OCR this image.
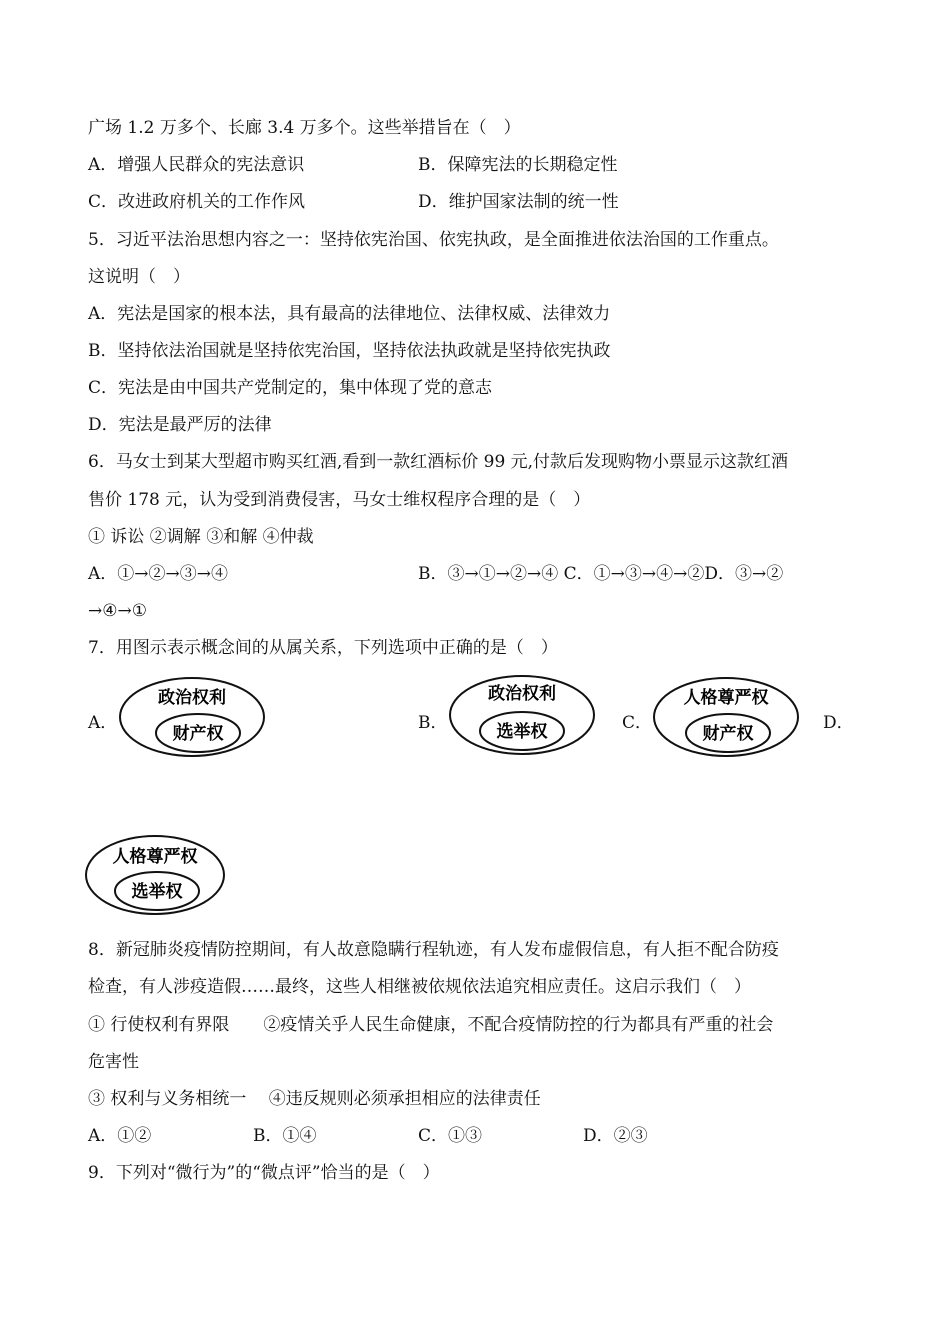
广场 1.2 万多个、长廊 3.4 万多个。这些举措旨在（　）
A．增强人民群众的宪法意识	B．保障宪法的长期稳定性
C．改进政府机关的工作作风	D．维护国家法制的统一性
5．习近平法治思想内容之一：坚持依宪治国、依宪执政，是全面推进依法治国的工作重点。
这说明（　）
A．宪法是国家的根本法，具有最高的法律地位、法律权威、法律效力
B．坚持依法治国就是坚持依宪治国，坚持依法执政就是坚持依宪执政
C．宪法是由中国共产党制定的，集中体现了党的意志
D．宪法是最严厉的法律
6．马女士到某大型超市购买红酒,看到一款红酒标价 99 元,付款后发现购物小票显示这款红酒
售价 178 元，认为受到消费侵害，马女士维权程序合理的是（　）
① 诉讼 ②调解 ③和解 ④仲裁
A．①→②→③→④	B．③→①→②→④ C．①→③→④→②D．③→②
→④→①
7．用图示表示概念间的从属关系，下列选项中正确的是（　）
A．
政治权利
财产权
B．
政治权利
选举权	C．
人格尊严权
财产权
D．
人格尊严权
选举权
8．新冠肺炎疫情防控期间，有人故意隐瞒行程轨迹，有人发布虚假信息，有人拒不配合防疫
检查，有人涉疫造假……最终，这些人相继被依规依法追究相应责任。这启示我们（　）
① 行使权利有界限　　②疫情关乎人民生命健康，不配合疫情防控的行为都具有严重的社会
危害性
③ 权利与义务相统一　 ④违反规则必须承担相应的法律责任
A．①②	B．①④	C．①③	D．②③
9．下列对“微行为”的“微点评”恰当的是（　）
